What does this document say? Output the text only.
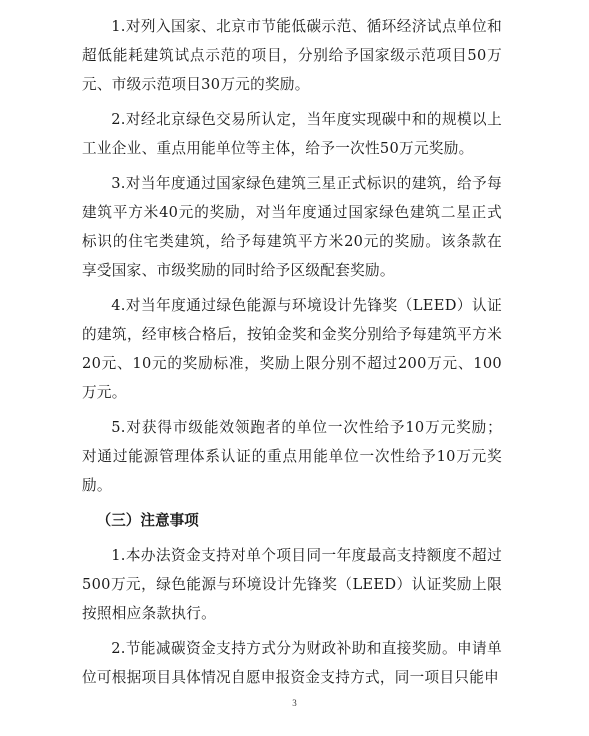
1.对列入国家、北京市节能低碳示范、循环经济试点单位和超低能耗建筑试点示范的项目，分别给予国家级示范项目50万元、市级示范项目30万元的奖励。

2.对经北京绿色交易所认定，当年度实现碳中和的规模以上工业企业、重点用能单位等主体，给予一次性50万元奖励。

3.对当年度通过国家绿色建筑三星正式标识的建筑，给予每建筑平方米40元的奖励，对当年度通过国家绿色建筑二星正式标识的住宅类建筑，给予每建筑平方米20元的奖励。该条款在享受国家、市级奖励的同时给予区级配套奖励。

4.对当年度通过绿色能源与环境设计先锋奖（LEED）认证的建筑，经审核合格后，按铂金奖和金奖分别给予每建筑平方米20元、10元的奖励标准，奖励上限分别不超过200万元、100万元。

5.对获得市级能效领跑者的单位一次性给予10万元奖励；对通过能源管理体系认证的重点用能单位一次性给予10万元奖励。

（三）注意事项

1.本办法资金支持对单个项目同一年度最高支持额度不超过500万元，绿色能源与环境设计先锋奖（LEED）认证奖励上限按照相应条款执行。

2.节能减碳资金支持方式分为财政补助和直接奖励。申请单位可根据项目具体情况自愿申报资金支持方式，同一项目只能申

3
